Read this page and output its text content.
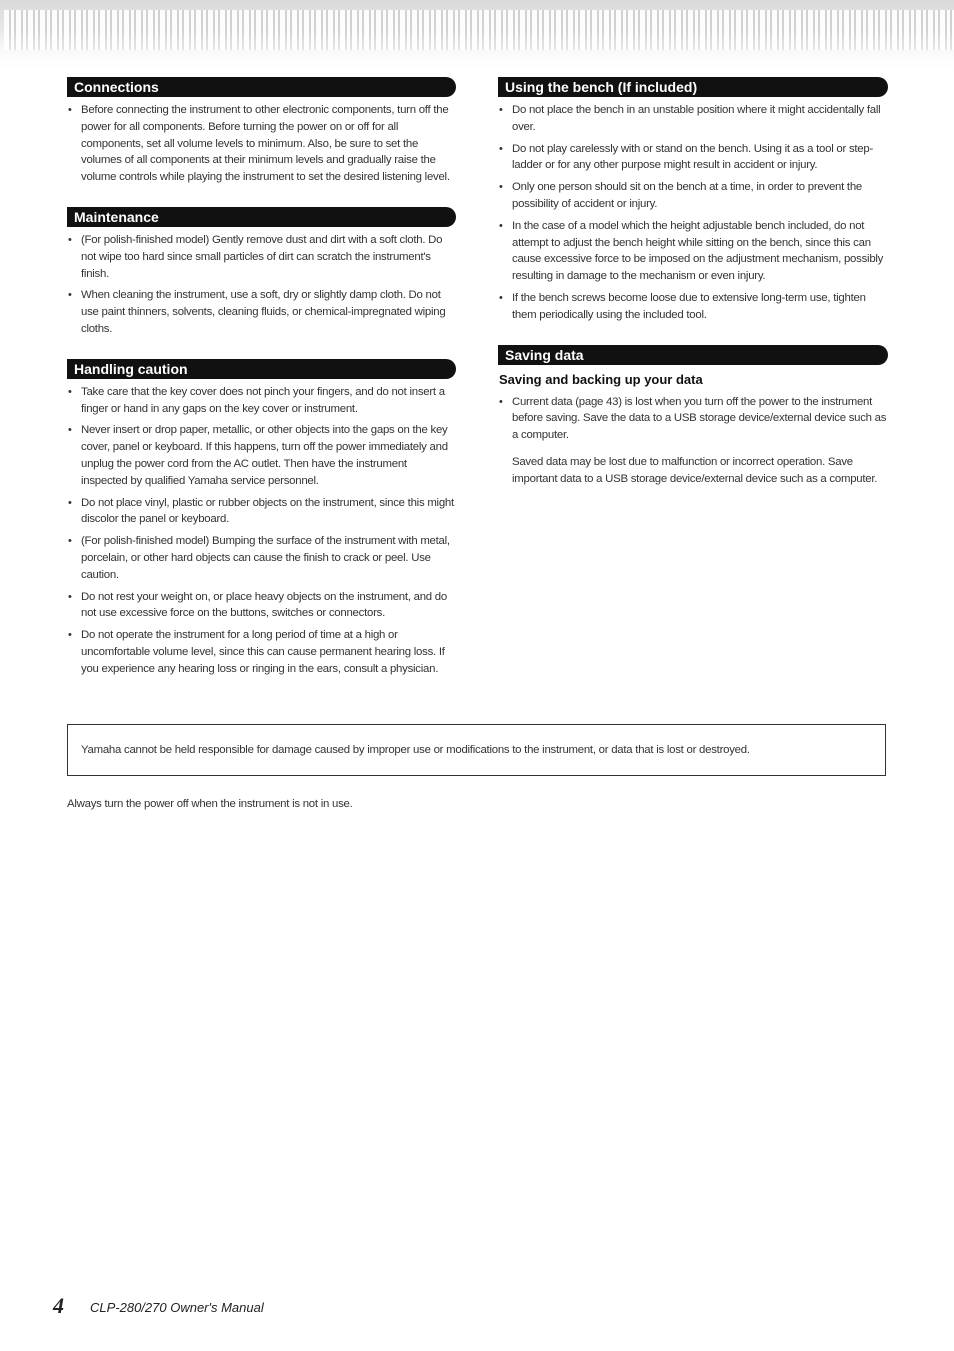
Connections
• Before connecting the instrument to other electronic components, turn off the power for all components. Before turning the power on or off for all components, set all volume levels to minimum. Also, be sure to set the volumes of all components at their minimum levels and gradually raise the volume controls while playing the instrument to set the desired listening level.
Maintenance
• (For polish-finished model) Gently remove dust and dirt with a soft cloth. Do not wipe too hard since small particles of dirt can scratch the instrument's finish.
• When cleaning the instrument, use a soft, dry or slightly damp cloth. Do not use paint thinners, solvents, cleaning fluids, or chemical-impregnated wiping cloths.
Handling caution
• Take care that the key cover does not pinch your fingers, and do not insert a finger or hand in any gaps on the key cover or instrument.
• Never insert or drop paper, metallic, or other objects into the gaps on the key cover, panel or keyboard. If this happens, turn off the power immediately and unplug the power cord from the AC outlet. Then have the instrument inspected by qualified Yamaha service personnel.
• Do not place vinyl, plastic or rubber objects on the instrument, since this might discolor the panel or keyboard.
• (For polish-finished model) Bumping the surface of the instrument with metal, porcelain, or other hard objects can cause the finish to crack or peel. Use caution.
• Do not rest your weight on, or place heavy objects on the instrument, and do not use excessive force on the buttons, switches or connectors.
• Do not operate the instrument for a long period of time at a high or uncomfortable volume level, since this can cause permanent hearing loss. If you experience any hearing loss or ringing in the ears, consult a physician.
Using the bench (If included)
• Do not place the bench in an unstable position where it might accidentally fall over.
• Do not play carelessly with or stand on the bench. Using it as a tool or step-ladder or for any other purpose might result in accident or injury.
• Only one person should sit on the bench at a time, in order to prevent the possibility of accident or injury.
• In the case of a model which the height adjustable bench included, do not attempt to adjust the bench height while sitting on the bench, since this can cause excessive force to be imposed on the adjustment mechanism, possibly resulting in damage to the mechanism or even injury.
• If the bench screws become loose due to extensive long-term use, tighten them periodically using the included tool.
Saving data
Saving and backing up your data
• Current data (page 43) is lost when you turn off the power to the instrument before saving. Save the data to a USB storage device/external device such as a computer.
Saved data may be lost due to malfunction or incorrect operation. Save important data to a USB storage device/external device such as a computer.
Yamaha cannot be held responsible for damage caused by improper use or modifications to the instrument, or data that is lost or destroyed.
Always turn the power off when the instrument is not in use.
4 CLP-280/270 Owner's Manual
